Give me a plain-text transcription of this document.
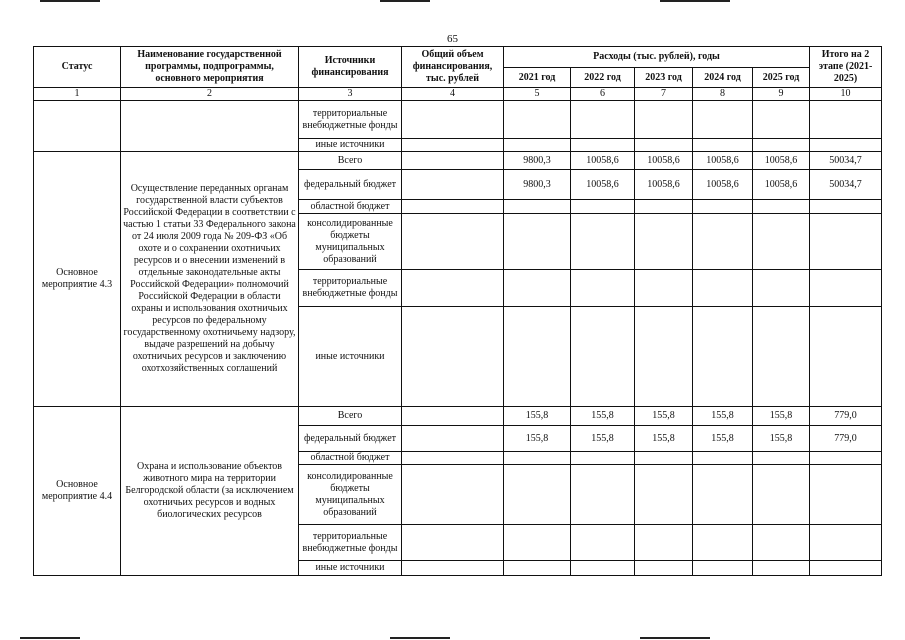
65
Статус	Наименование государственной программы, подпрограммы, основного мероприятия	Источники финансирования	Общий объем финансирования, тыс. рублей	Расходы (тыс. рублей), годы					Итого на 2 этапе (2021-2025)
				2021 год	2022 год	2023 год	2024 год	2025 год	
1	2	3	4	5	6	7	8	9	10
		территориальные внебюджетные фонды							
		иные источники							
Основное мероприятие 4.3	Осуществление переданных органам государственной власти субъектов Российской Федерации в соответствии с частью 1 статьи 33 Федерального закона от 24 июля 2009 года № 209-ФЗ «Об охоте и о сохранении охотничьих ресурсов и о внесении изменений в отдельные законодательные акты Российской Федерации» полномочий Российской Федерации в области охраны и использования охотничьих ресурсов по федеральному государственному охотничьему надзору, выдаче разрешений на добычу охотничьих ресурсов и заключению охотхозяйственных соглашений	Всего		9800,3	10058,6	10058,6	10058,6	10058,6	50034,7
		федеральный бюджет		9800,3	10058,6	10058,6	10058,6	10058,6	50034,7
		областной бюджет							
		консолидированные бюджеты муниципальных образований							
		территориальные внебюджетные фонды							
		иные источники							
Основное мероприятие 4.4	Охрана и использование объектов животного мира на территории Белгородской области (за исключением охотничьих ресурсов и водных биологических ресурсов	Всего		155,8	155,8	155,8	155,8	155,8	779,0
		федеральный бюджет		155,8	155,8	155,8	155,8	155,8	779,0
		областной бюджет							
		консолидированные бюджеты муниципальных образований							
		территориальные внебюджетные фонды							
		иные источники							
